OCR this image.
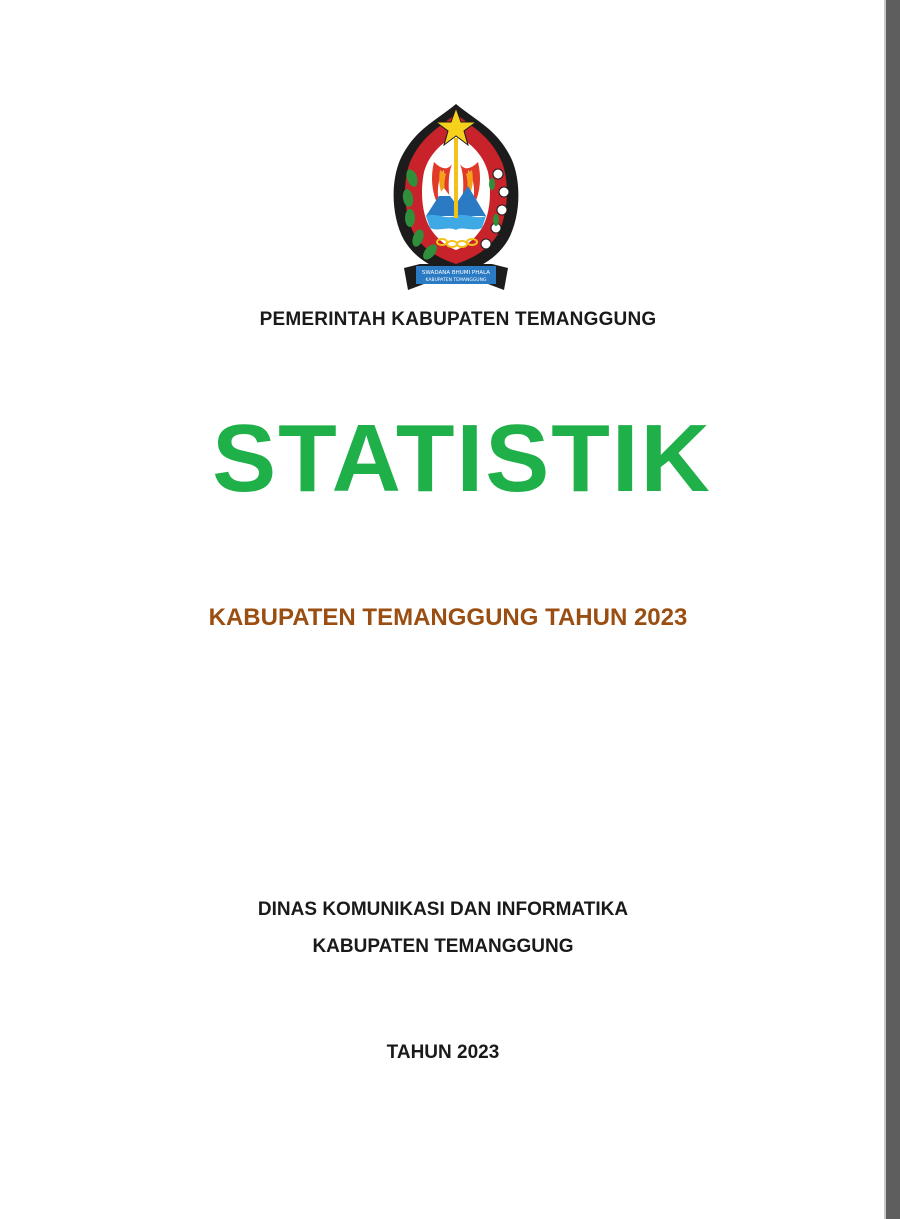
SWADANA BHUMI PHALA
KABUPATEN TEMANGGUNG
PEMERINTAH KABUPATEN TEMANGGUNG
STATISTIK
KABUPATEN TEMANGGUNG TAHUN 2023
DINAS KOMUNIKASI DAN INFORMATIKA
KABUPATEN TEMANGGUNG
TAHUN 2023
